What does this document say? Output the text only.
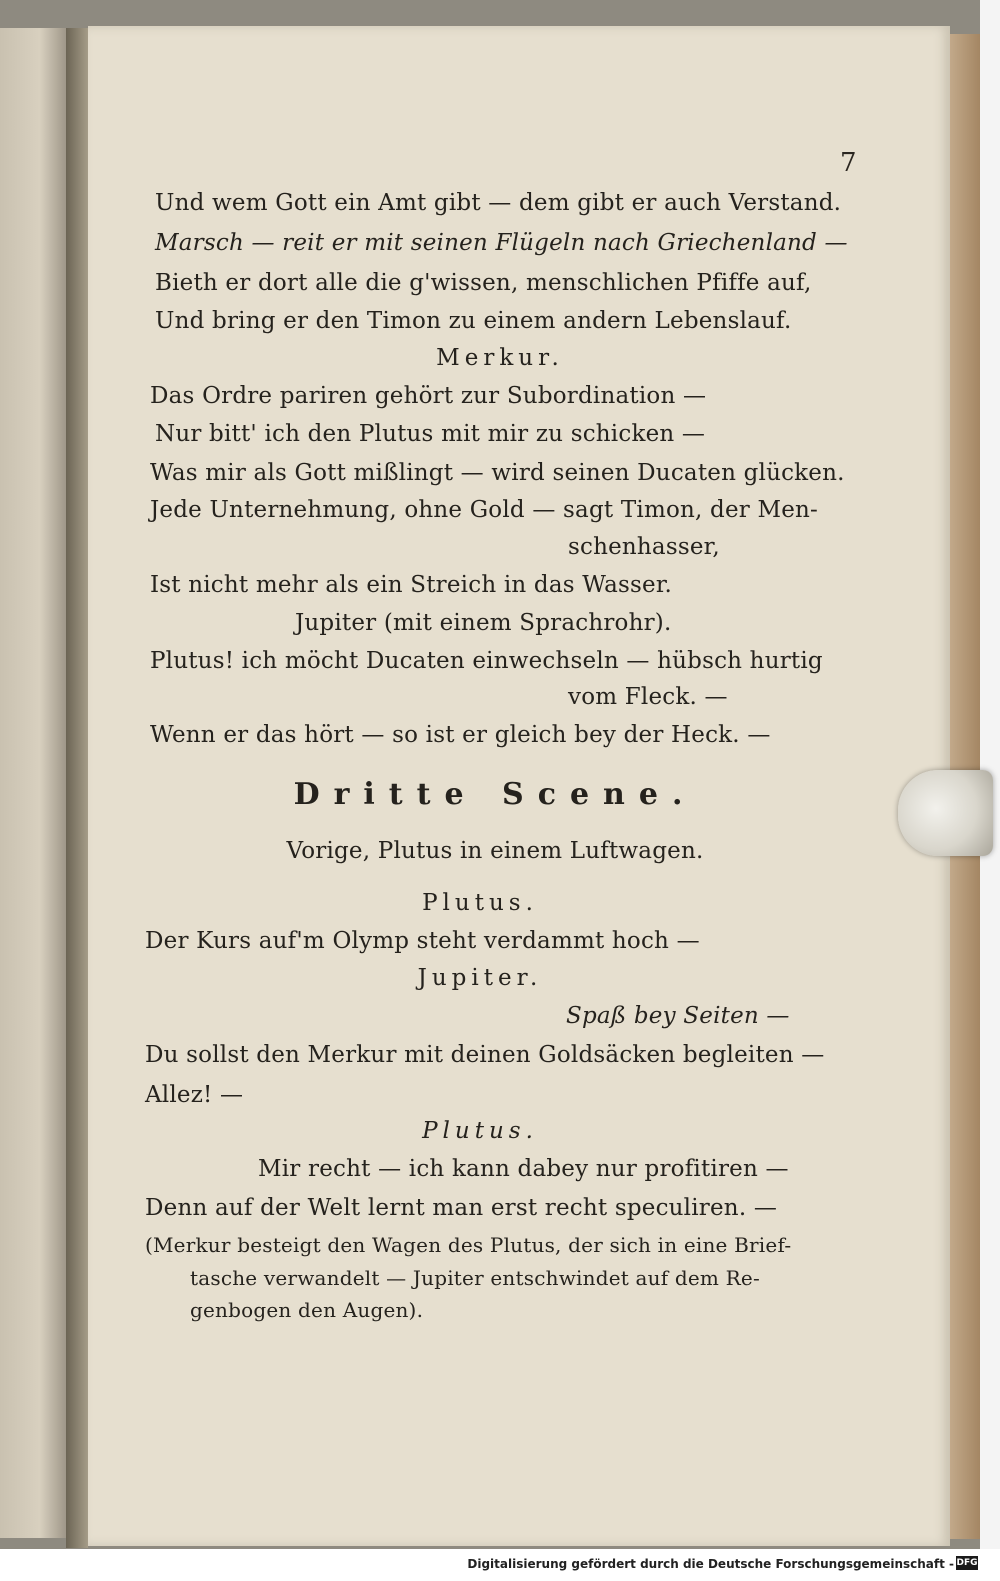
7
Und wem Gott ein Amt gibt — dem gibt er auch Verstand.
Marsch — reit er mit seinen Flügeln nach Griechenland —
Bieth er dort alle die g'wissen, menschlichen Pfiffe auf,
Und bring er den Timon zu einem andern Lebenslauf.
Merkur.
Das Ordre pariren gehört zur Subordination —
Nur bitt' ich den Plutus mit mir zu schicken —
Was mir als Gott mißlingt — wird seinen Ducaten glücken.
Jede Unternehmung, ohne Gold — sagt Timon, der Men-
schenhasser,
Ist nicht mehr als ein Streich in das Wasser.
Jupiter (mit einem Sprachrohr).
Plutus! ich möcht Ducaten einwechseln — hübsch hurtig
vom Fleck. —
Wenn er das hört — so ist er gleich bey der Heck. —
Dritte Scene.
Vorige, Plutus in einem Luftwagen.
Plutus.
Der Kurs auf'm Olymp steht verdammt hoch —
Jupiter.
Spaß bey Seiten —
Du sollst den Merkur mit deinen Goldsäcken begleiten —
Allez! —
Plutus.
Mir recht — ich kann dabey nur profitiren —
Denn auf der Welt lernt man erst recht speculiren. —
(Merkur besteigt den Wagen des Plutus, der sich in eine Brief-
tasche verwandelt — Jupiter entschwindet auf dem Re-
genbogen den Augen).
Digitalisierung gefördert durch die Deutsche Forschungsgemeinschaft - DFG
